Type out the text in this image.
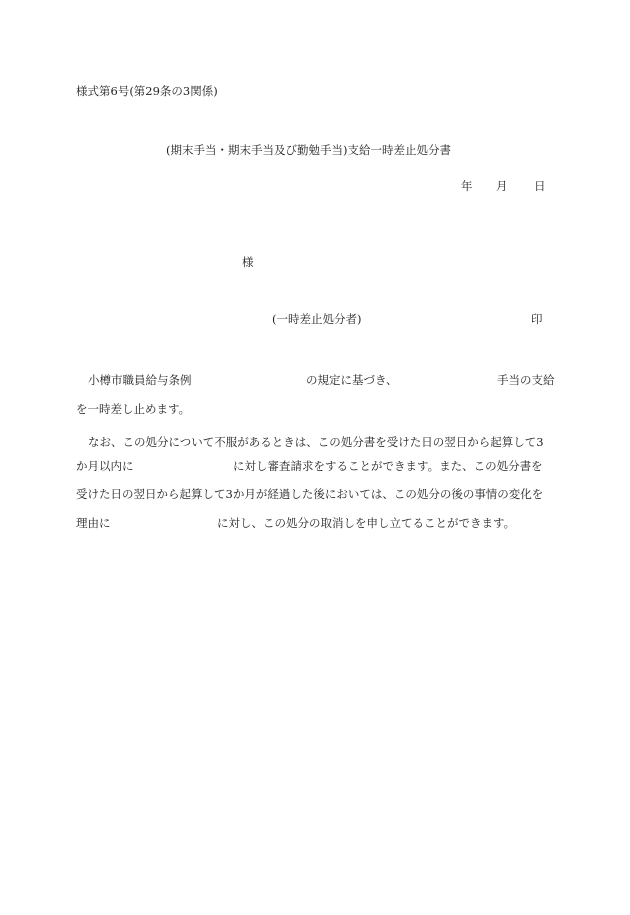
様式第6号(第29条の3関係)
(期末手当・期末手当及び勤勉手当)支給一時差止処分書
年 月 日
様
(一時差止処分者)	印
小樽市職員給与条例	の規定に基づき、	手当の支給
を一時差し止めます。
なお、この処分について不服があるときは、この処分書を受けた日の翌日から起算して3
か月以内に	に対し審査請求をすることができます。また、この処分書を
受けた日の翌日から起算して3か月が経過した後においては、この処分の後の事情の変化を
理由に	に対し、この処分の取消しを申し立てることができます。
